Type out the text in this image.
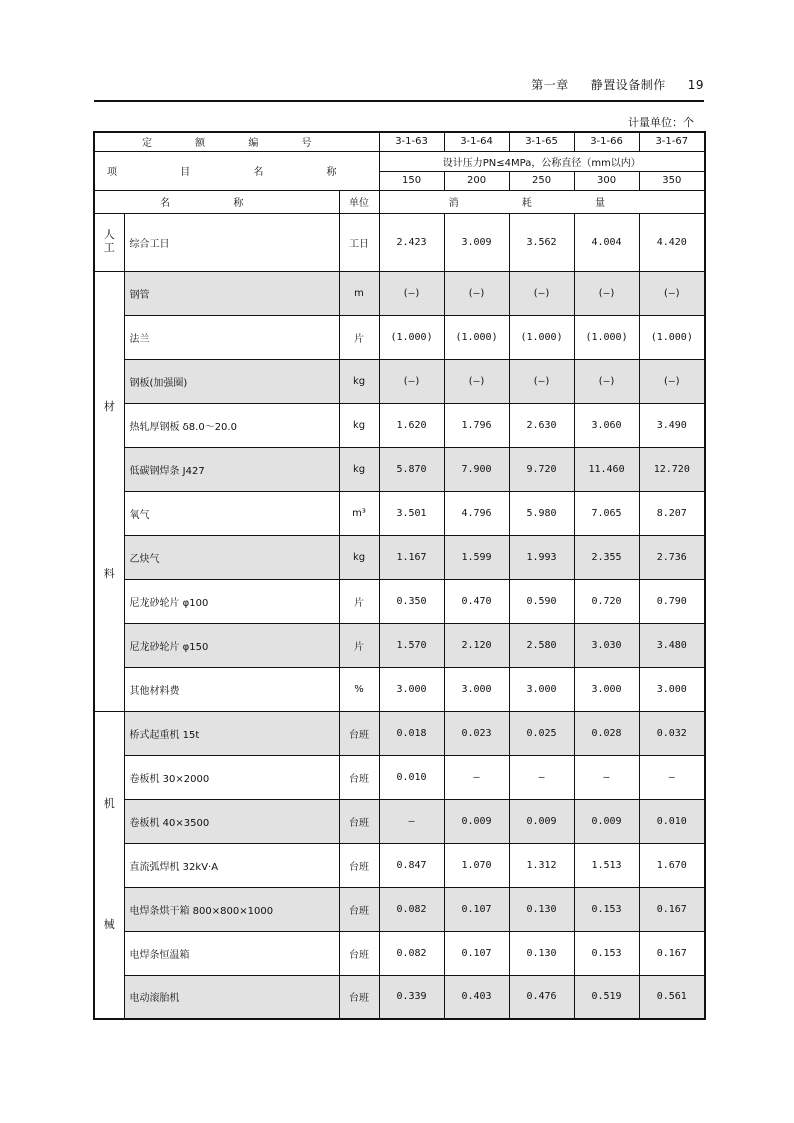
第一章 静置设备制作 19
计量单位：个
定 额 编 号			3-1-63	3-1-64	3-1-65	3-1-66	3-1-67
项 目 名 称			设计压力PN≤4MPa，公称直径（mm以内）				
			150	200	250	300	350
名 称		单位	消 耗 量				
人工	综合工日	工日	2.423	3.009	3.562	4.004	4.420

材
料	钢管	m	(—)	(—)	(—)	(—)	(—)
	法兰	片	(1.000)	(1.000)	(1.000)	(1.000)	(1.000)
	钢板(加强圈)	kg	(—)	(—)	(—)	(—)	(—)
	热轧厚钢板 δ8.0～20.0	kg	1.620	1.796	2.630	3.060	3.490
	低碳钢焊条 J427	kg	5.870	7.900	9.720	11.460	12.720
	氧气	m³	3.501	4.796	5.980	7.065	8.207
	乙炔气	kg	1.167	1.599	1.993	2.355	2.736
	尼龙砂轮片 φ100	片	0.350	0.470	0.590	0.720	0.790
	尼龙砂轮片 φ150	片	1.570	2.120	2.580	3.030	3.480
	其他材料费	%	3.000	3.000	3.000	3.000	3.000

机
械	桥式起重机 15t	台班	0.018	0.023	0.025	0.028	0.032
	卷板机 30×2000	台班	0.010	—	—	—	—
	卷板机 40×3500	台班	—	0.009	0.009	0.009	0.010
	直流弧焊机 32kV·A	台班	0.847	1.070	1.312	1.513	1.670
	电焊条烘干箱 800×800×1000	台班	0.082	0.107	0.130	0.153	0.167
	电焊条恒温箱	台班	0.082	0.107	0.130	0.153	0.167
	电动滚胎机	台班	0.339	0.403	0.476	0.519	0.561
